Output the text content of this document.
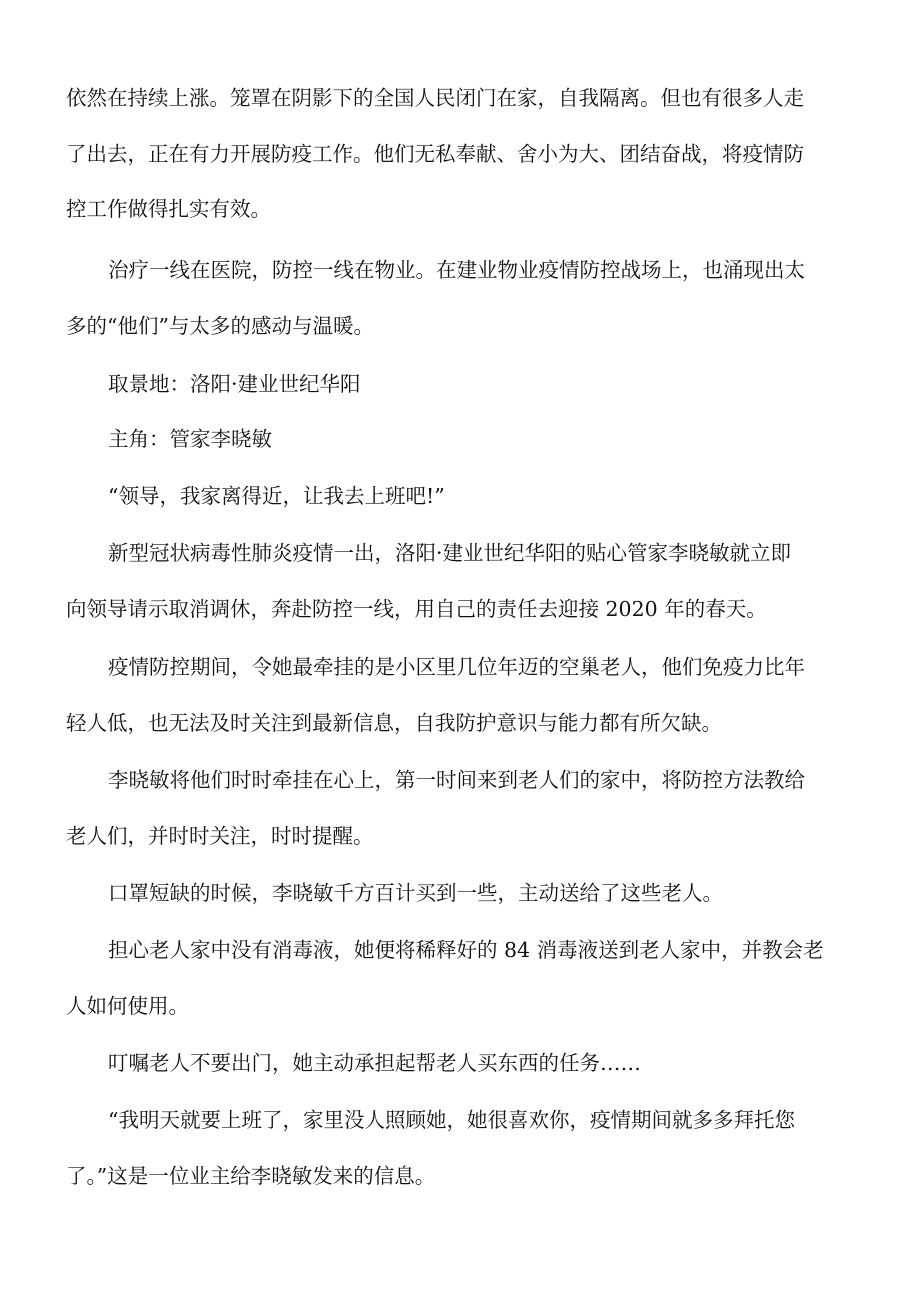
依然在持续上涨。笼罩在阴影下的全国人民闭门在家，自我隔离。但也有很多人走
了出去，正在有力开展防疫工作。他们无私奉献、舍小为大、团结奋战，将疫情防
控工作做得扎实有效。
治疗一线在医院，防控一线在物业。在建业物业疫情防控战场上，也涌现出太
多的“他们”与太多的感动与温暖。
取景地：洛阳·建业世纪华阳
主角：管家李晓敏
“领导，我家离得近，让我去上班吧!”
新型冠状病毒性肺炎疫情一出，洛阳·建业世纪华阳的贴心管家李晓敏就立即
向领导请示取消调休，奔赴防控一线，用自己的责任去迎接 2020 年的春天。
疫情防控期间，令她最牵挂的是小区里几位年迈的空巢老人，他们免疫力比年
轻人低，也无法及时关注到最新信息，自我防护意识与能力都有所欠缺。
李晓敏将他们时时牵挂在心上，第一时间来到老人们的家中，将防控方法教给
老人们，并时时关注，时时提醒。
口罩短缺的时候，李晓敏千方百计买到一些，主动送给了这些老人。
担心老人家中没有消毒液，她便将稀释好的 84 消毒液送到老人家中，并教会老
人如何使用。
叮嘱老人不要出门，她主动承担起帮老人买东西的任务……
“我明天就要上班了，家里没人照顾她，她很喜欢你，疫情期间就多多拜托您
了。”这是一位业主给李晓敏发来的信息。
